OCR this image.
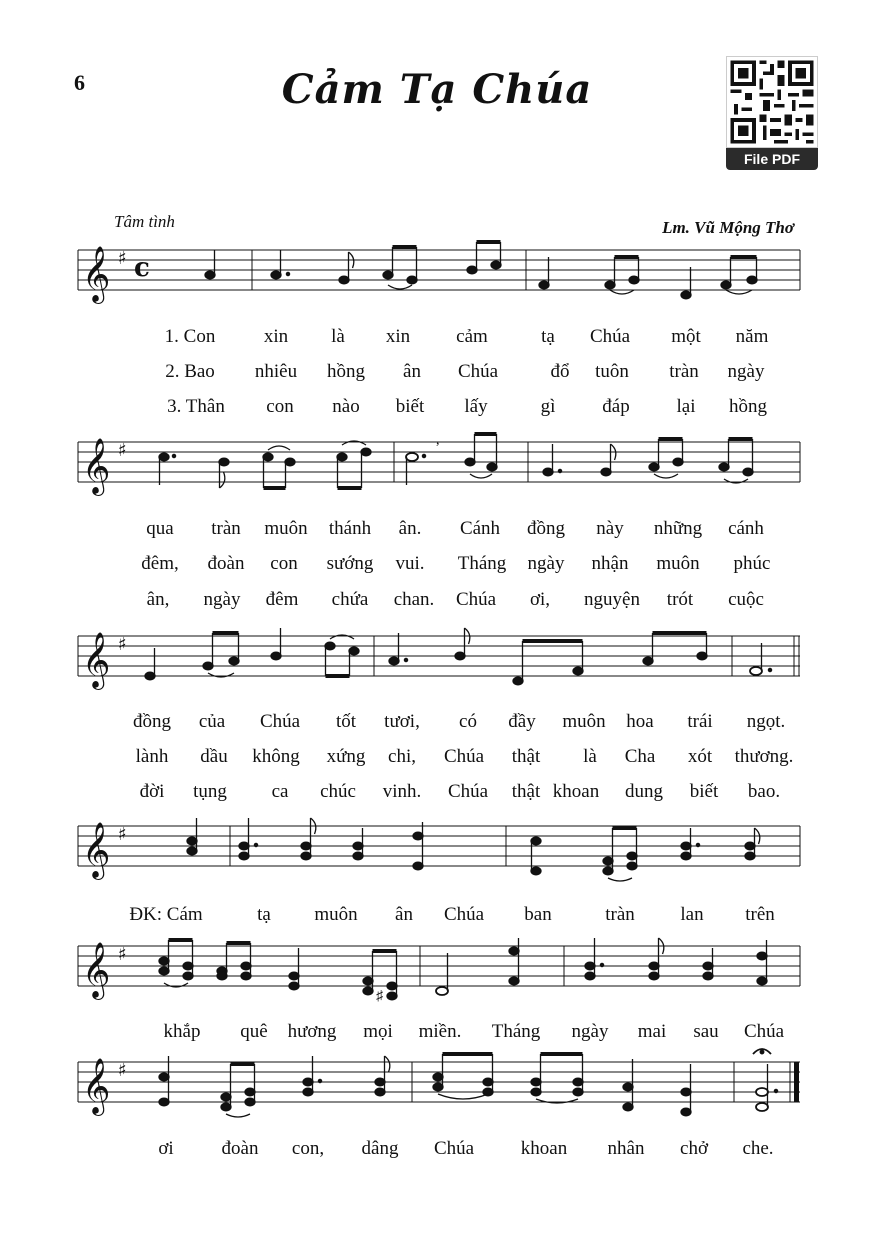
6	Cảm Tạ Chúa
File PDF
Tâm tình	Lm. Vũ Mộng Thơ
𝄞 ♯ c
1. Con	xin là xin cảm	tạ Chúa một năm
2. Bao nhiêu hồng ân Chúa	đổ tuôn tràn ngày
3. Thân con nào biết lấy	gì đáp lại hồng
𝄞 ♯	,
qua tràn muôn thánh ân. Cánh đồng này những cánh
đêm, đoàn con sướng vui. Tháng ngày nhận muôn phúc
ân, ngày đêm chứa chan. Chúa ơi, nguyện trót cuộc
𝄞 ♯
đồng của Chúa tốt tươi, có đầy muôn hoa trái ngọt.
lành dầu không xứng chi, Chúa thật là Cha xót thương.
đời tụng ca chúc vinh. Chúa thật khoan dung biết bao.
𝄞 ♯
ĐK: Cám	tạ muôn ân Chúa ban	tràn lan trên
𝄞 ♯
♯
khắp quê hương mọi miền. Tháng ngày mai sau Chúa
𝄞 ♯
ơi	đoàn con, dâng Chúa khoan nhân chở che.
